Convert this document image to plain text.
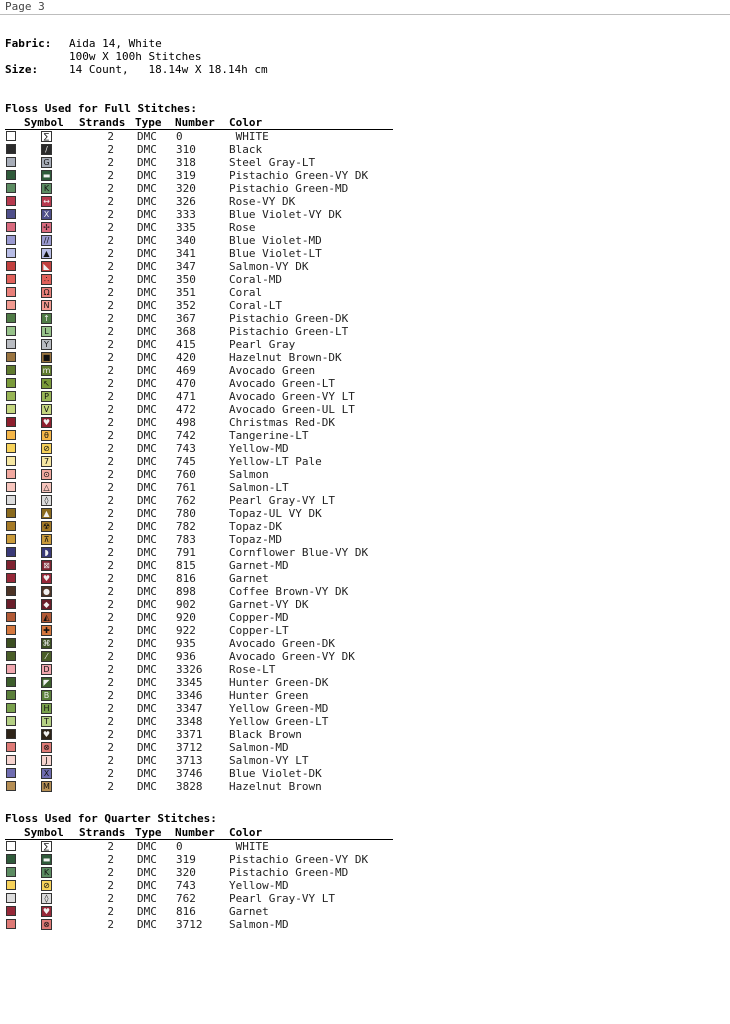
Page 3
Fabric: Aida 14, White
100w X 100h Stitches
Size:	14 Count,   18.14w X 18.14h cm
Floss Used for Full Stitches:
Symbol Strands Type Number Color
∑	2 DMC 0	WHITE
/	2 DMC 310	Black
G	2 DMC 318	Steel Gray-LT
▬	2 DMC 319	Pistachio Green-VY DK
K	2 DMC 320	Pistachio Green-MD
↔	2 DMC 326	Rose-VY DK
X	2 DMC 333	Blue Violet-VY DK
✢	2 DMC 335	Rose
//	2 DMC 340	Blue Violet-MD
▲	2 DMC 341	Blue Violet-LT
◣	2 DMC 347	Salmon-VY DK
∴	2 DMC 350	Coral-MD
Ω	2 DMC 351	Coral
N	2 DMC 352	Coral-LT
↑	2 DMC 367	Pistachio Green-DK
L	2 DMC 368	Pistachio Green-LT
Y	2 DMC 415	Pearl Gray
■	2 DMC 420	Hazelnut Brown-DK
m	2 DMC 469	Avocado Green
↖	2 DMC 470	Avocado Green-LT
P	2 DMC 471	Avocado Green-VY LT
V	2 DMC 472	Avocado Green-UL LT
♥	2 DMC 498	Christmas Red-DK
θ	2 DMC 742	Tangerine-LT
⊘	2 DMC 743	Yellow-MD
7	2 DMC 745	Yellow-LT Pale
⊙	2 DMC 760	Salmon
△	2 DMC 761	Salmon-LT
◊	2 DMC 762	Pearl Gray-VY LT
▲	2 DMC 780	Topaz-UL VY DK
☢	2 DMC 782	Topaz-DK
⊼	2 DMC 783	Topaz-MD
◗	2 DMC 791	Cornflower Blue-VY DK
⊠	2 DMC 815	Garnet-MD
♥	2 DMC 816	Garnet
●	2 DMC 898	Coffee Brown-VY DK
◆	2 DMC 902	Garnet-VY DK
◭	2 DMC 920	Copper-MD
✚	2 DMC 922	Copper-LT
⌘	2 DMC 935	Avocado Green-DK
⁄	2 DMC 936	Avocado Green-VY DK
D	2 DMC 3326 Rose-LT
◤	2 DMC 3345 Hunter Green-DK
B	2 DMC 3346 Hunter Green
H	2 DMC 3347 Yellow Green-MD
T	2 DMC 3348 Yellow Green-LT
♥	2 DMC 3371 Black Brown
⊗	2 DMC 3712 Salmon-MD
J	2 DMC 3713 Salmon-VY LT
X	2 DMC 3746 Blue Violet-DK
M	2 DMC 3828 Hazelnut Brown
Floss Used for Quarter Stitches:
Symbol Strands Type Number Color
∑	2 DMC 0	WHITE
▬	2 DMC 319	Pistachio Green-VY DK
K	2 DMC 320	Pistachio Green-MD
⊘	2 DMC 743	Yellow-MD
◊	2 DMC 762	Pearl Gray-VY LT
♥	2 DMC 816	Garnet
⊗	2 DMC 3712 Salmon-MD
